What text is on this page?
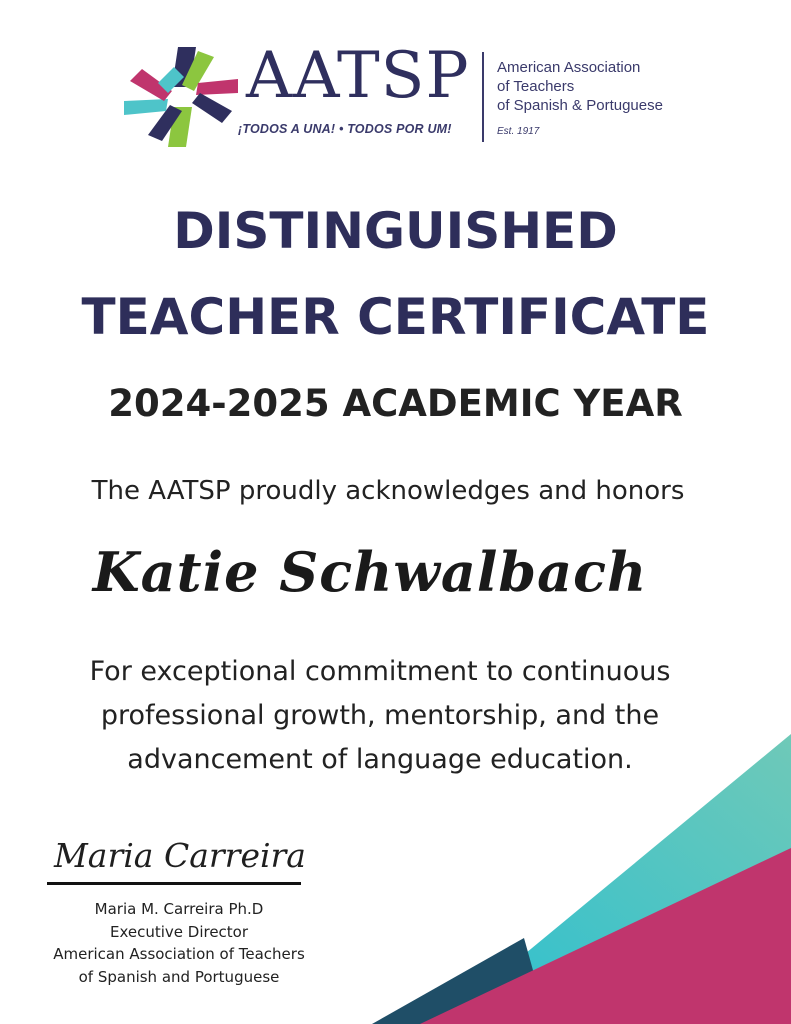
AATSP
¡TODOS A UNA! • TODOS POR UM!
American Association
of Teachers
of Spanish & Portuguese
Est. 1917
DISTINGUISHED
TEACHER CERTIFICATE
2024-2025 ACADEMIC YEAR
The AATSP proudly acknowledges and honors
Katie Schwalbach
For exceptional commitment to continuous
professional growth, mentorship, and the
advancement of language education.
Maria Carreira
Maria M. Carreira Ph.D
Executive Director
American Association of Teachers
of Spanish and Portuguese
